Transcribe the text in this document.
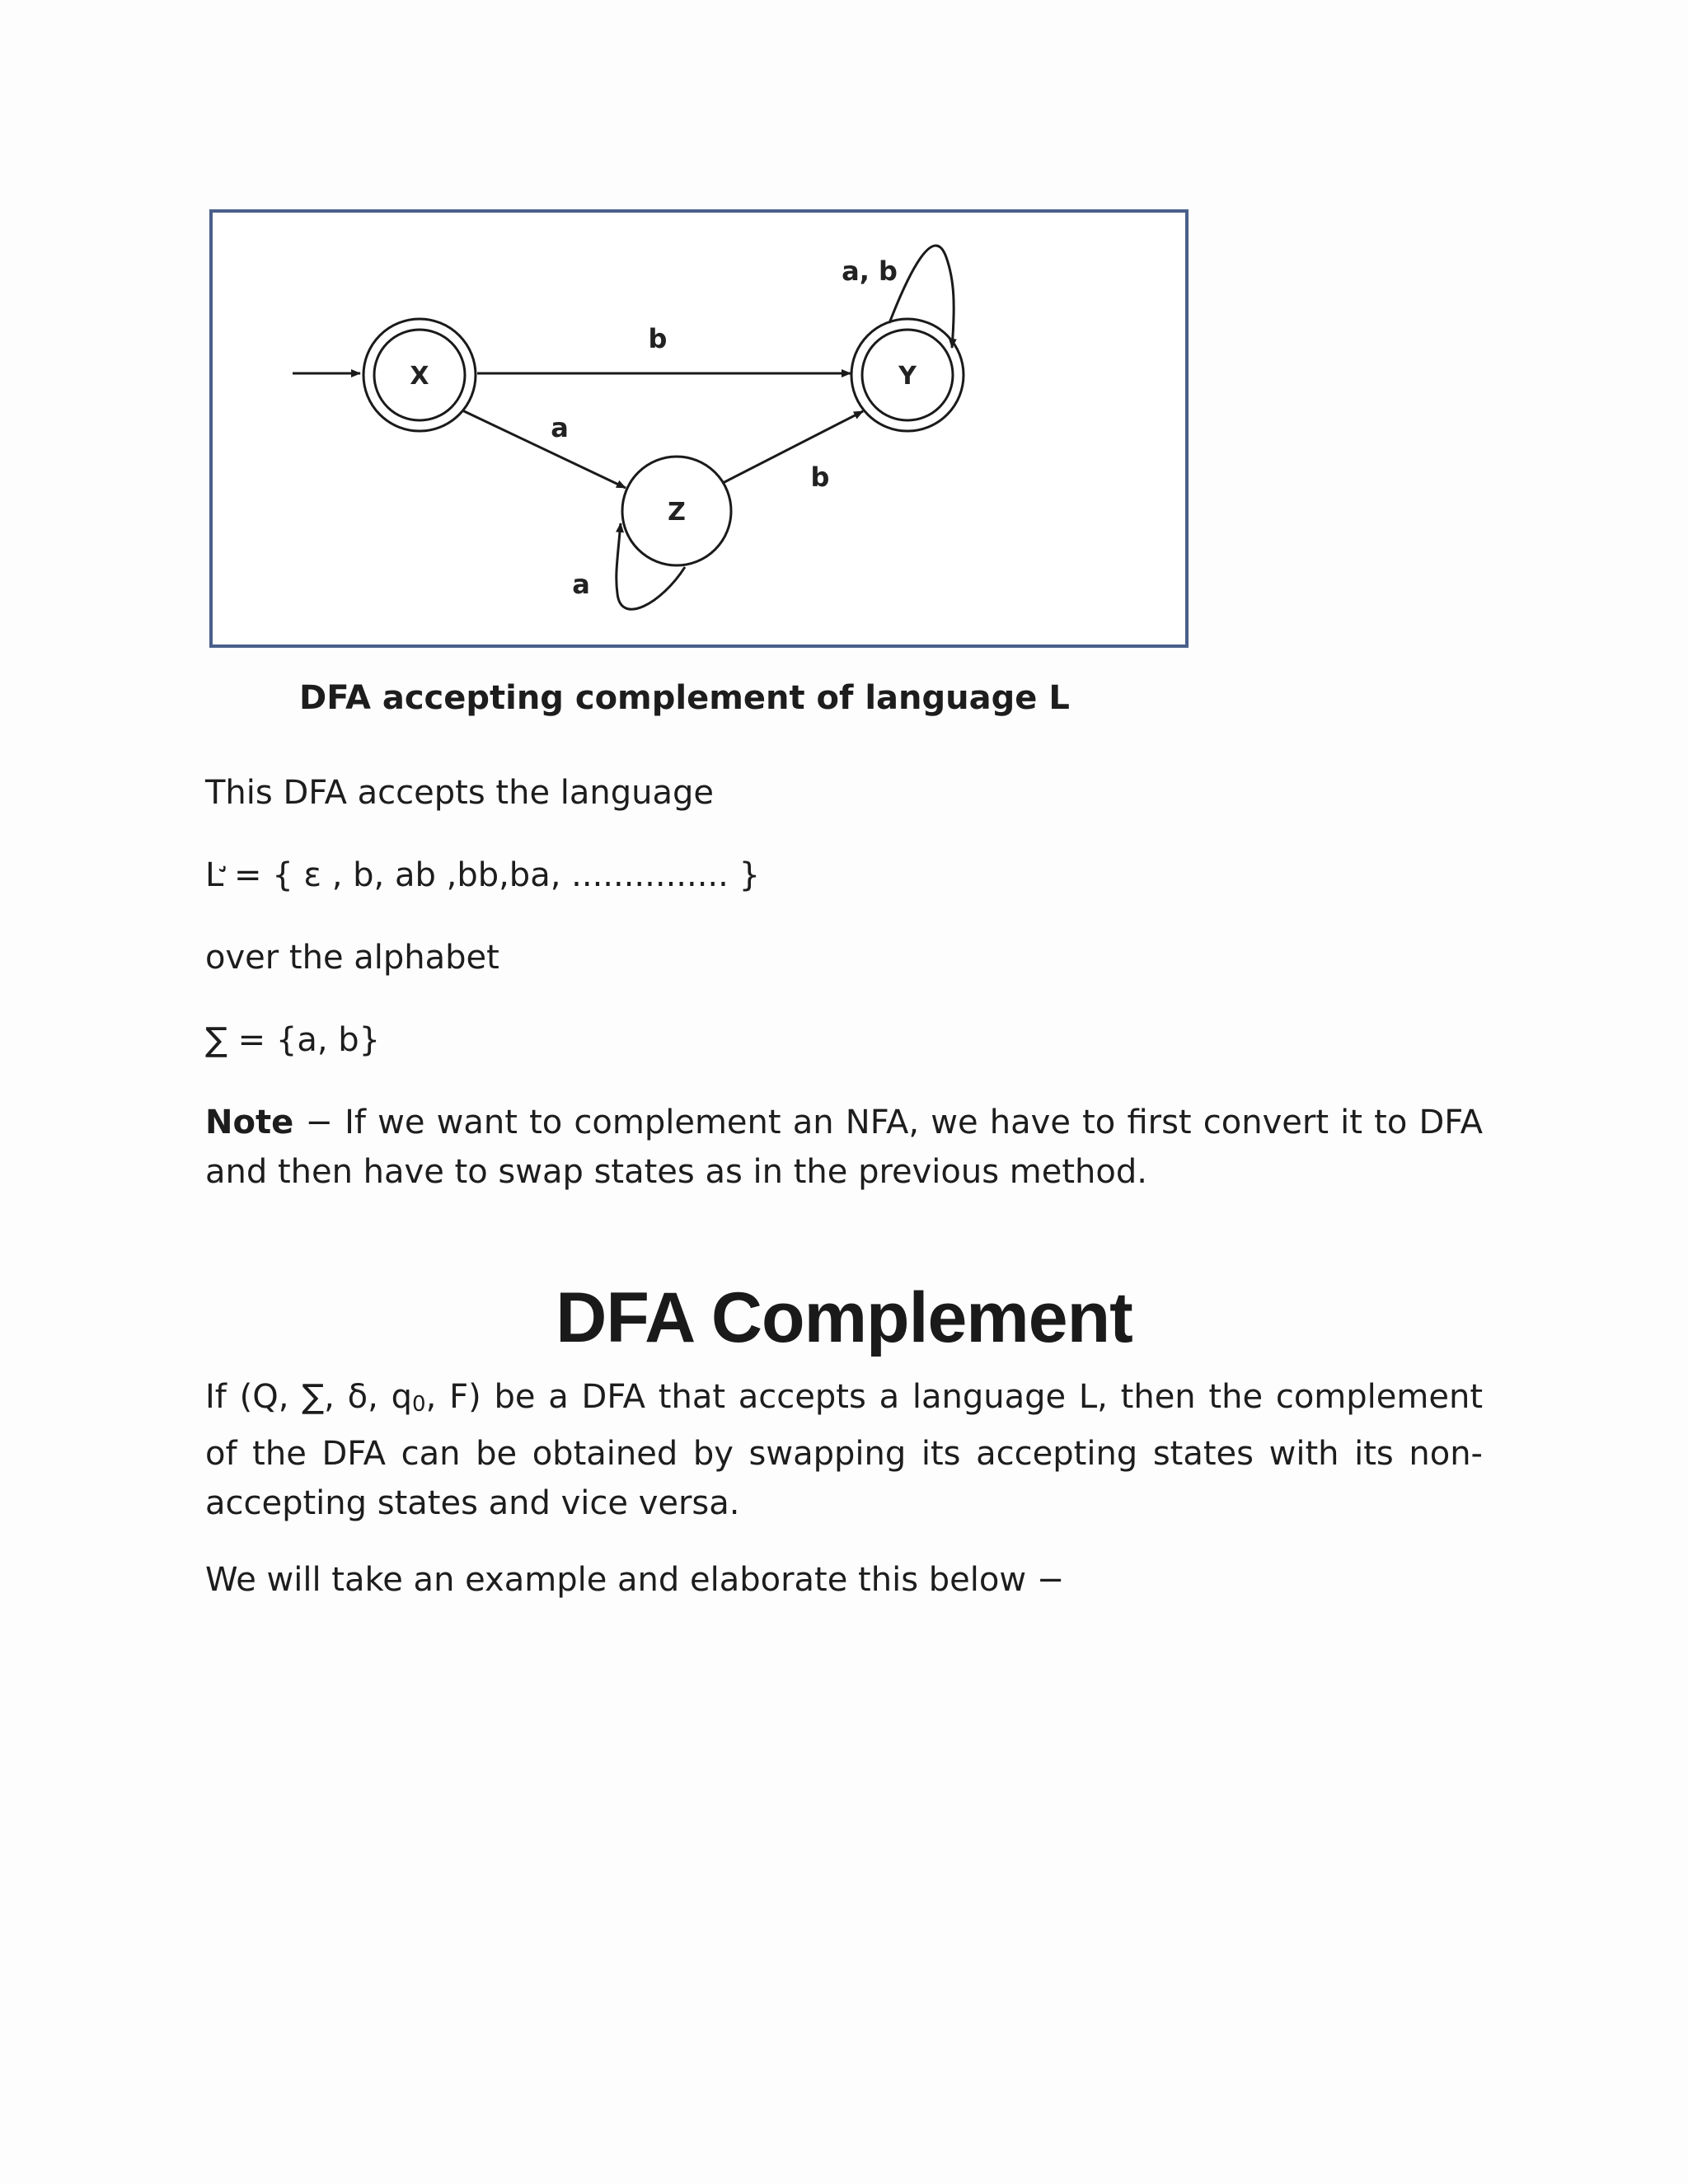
X	Y
Z
b
a
b
a
a, b
DFA accepting complement of language L

This DFA accepts the language

L̛ = { ε , b, ab ,bb,ba, ............... }

over the alphabet

∑ = {a, b}

Note − If we want to complement an NFA, we have to first convert it to DFA and then have to swap states as in the previous method.

DFA Complement

If (Q, ∑, δ, $q_0$, F) be a DFA that accepts a language L, then the complement of the DFA can be obtained by swapping its accepting states with its non-accepting states and vice versa.

We will take an example and elaborate this below −
